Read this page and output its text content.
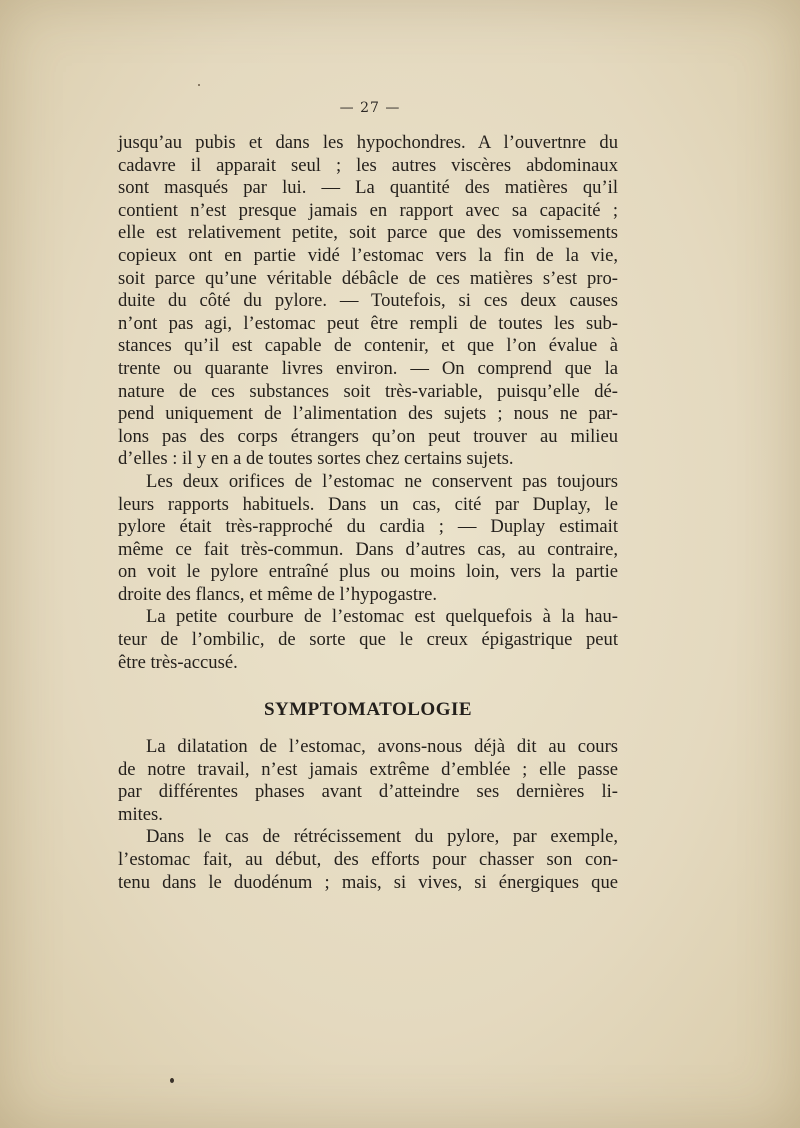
— 27 —
jusqu’au pubis et dans les hypochondres. A l’ouvertnre du
cadavre il apparait seul ; les autres viscères abdominaux
sont masqués par lui. — La quantité des matières qu’il
contient n’est presque jamais en rapport avec sa capacité ;
elle est relativement petite, soit parce que des vomissements
copieux ont en partie vidé l’estomac vers la fin de la vie,
soit parce qu’une véritable débâcle de ces matières s’est pro-
duite du côté du pylore. — Toutefois, si ces deux causes
n’ont pas agi, l’estomac peut être rempli de toutes les sub-
stances qu’il est capable de contenir, et que l’on évalue à
trente ou quarante livres environ. — On comprend que la
nature de ces substances soit très-variable, puisqu’elle dé-
pend uniquement de l’alimentation des sujets ; nous ne par-
lons pas des corps étrangers qu’on peut trouver au milieu
d’elles : il y en a de toutes sortes chez certains sujets.
Les deux orifices de l’estomac ne conservent pas toujours
leurs rapports habituels. Dans un cas, cité par Duplay, le
pylore était très-rapproché du cardia ; — Duplay estimait
même ce fait très-commun. Dans d’autres cas, au contraire,
on voit le pylore entraîné plus ou moins loin, vers la partie
droite des flancs, et même de l’hypogastre.
La petite courbure de l’estomac est quelquefois à la hau-
teur de l’ombilic, de sorte que le creux épigastrique peut
être très-accusé.
SYMPTOMATOLOGIE
La dilatation de l’estomac, avons-nous déjà dit au cours
de notre travail, n’est jamais extrême d’emblée ; elle passe
par différentes phases avant d’atteindre ses dernières li-
mites.
Dans le cas de rétrécissement du pylore, par exemple,
l’estomac fait, au début, des efforts pour chasser son con-
tenu dans le duodénum ; mais, si vives, si énergiques que
